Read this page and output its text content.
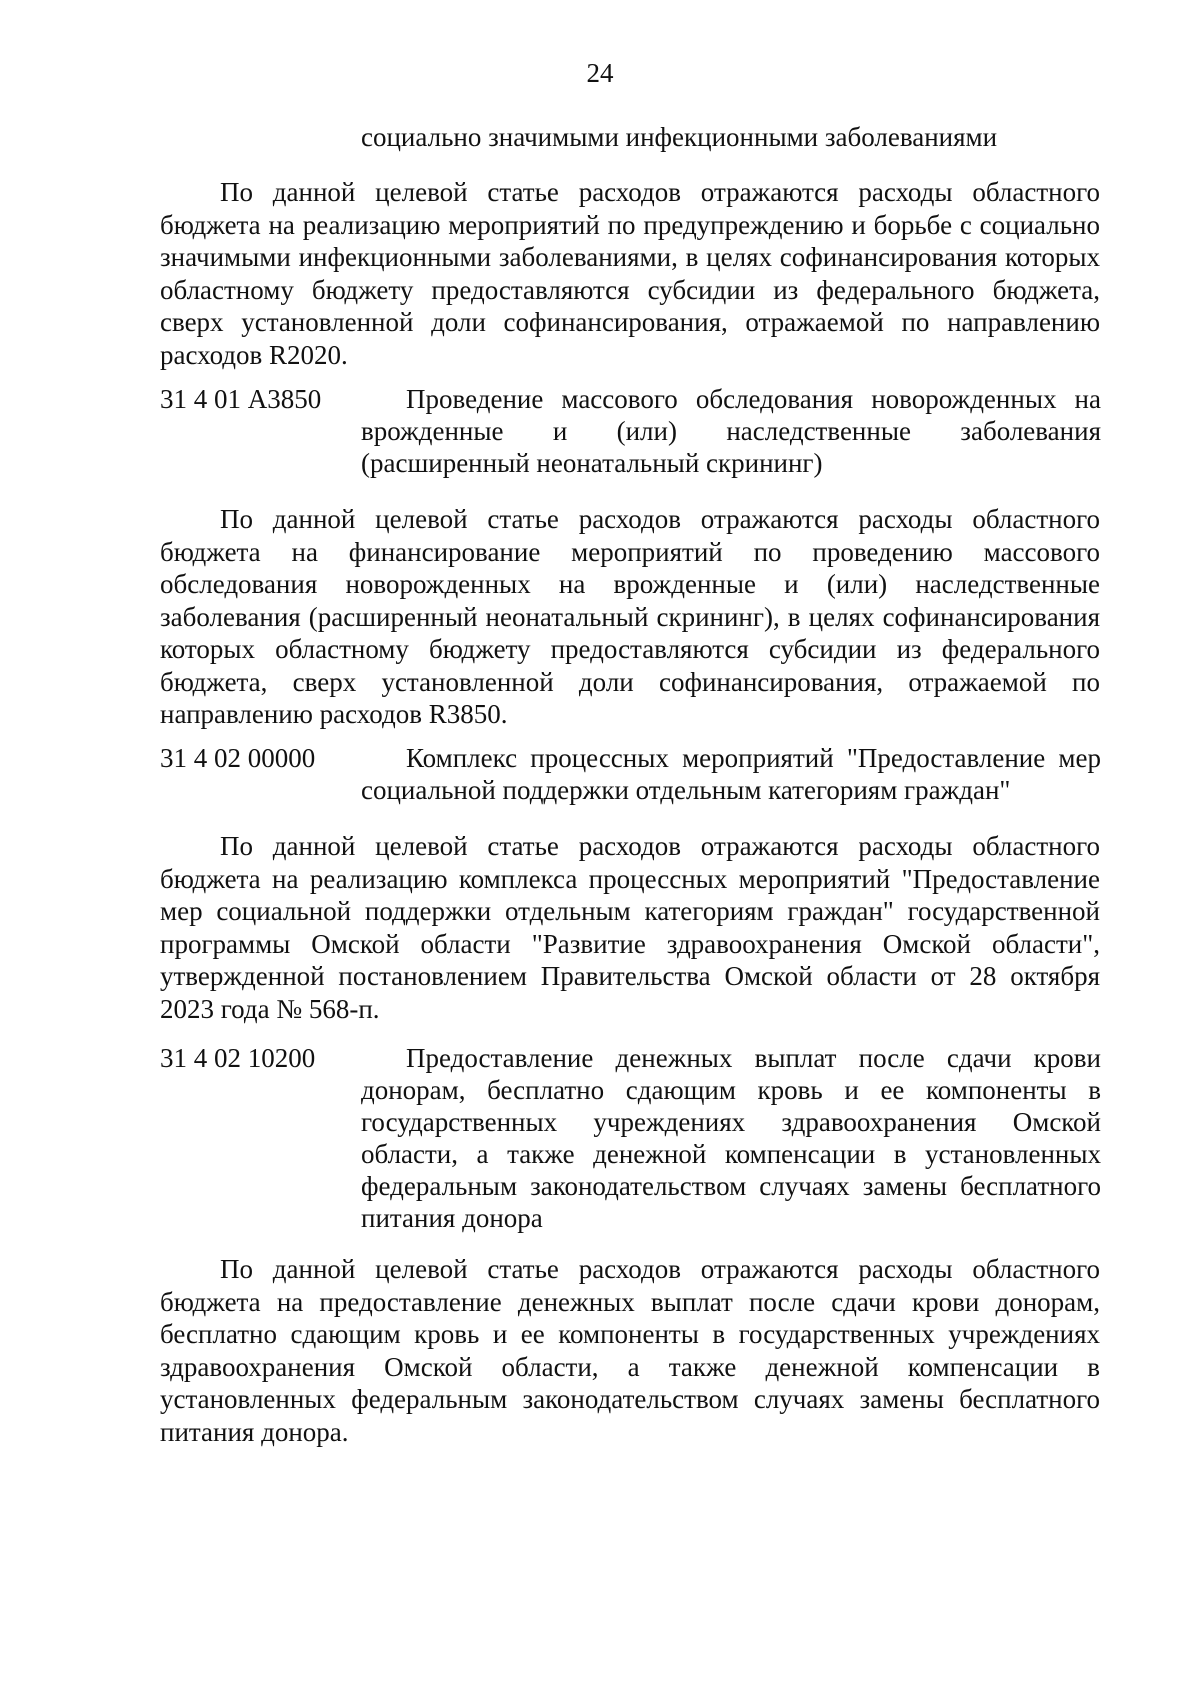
24
социально значимыми инфекционными заболеваниями

По данной целевой статье расходов отражаются расходы областного бюджета на реализацию мероприятий по предупреждению и борьбе с социально значимыми инфекционными заболеваниями, в целях софинансирования которых областному бюджету предоставляются субсидии из федерального бюджета, сверх установленной доли софинансирования, отражаемой по направлению расходов R2020.

31 4 01 А3850	Проведение массового обследования новорожденных на врожденные и (или) наследственные заболевания (расширенный неонатальный скрининг)

По данной целевой статье расходов отражаются расходы областного бюджета на финансирование мероприятий по проведению массового обследования новорожденных на врожденные и (или) наследственные заболевания (расширенный неонатальный скрининг), в целях софинансирования которых областному бюджету предоставляются субсидии из федерального бюджета, сверх установленной доли софинансирования, отражаемой по направлению расходов R3850.

31 4 02 00000	Комплекс процессных мероприятий "Предоставление мер социальной поддержки отдельным категориям граждан"

По данной целевой статье расходов отражаются расходы областного бюджета на реализацию комплекса процессных мероприятий "Предоставление мер социальной поддержки отдельным категориям граждан" государственной программы Омской области "Развитие здравоохранения Омской области", утвержденной постановлением Правительства Омской области от 28 октября 2023 года № 568-п.

31 4 02 10200	Предоставление денежных выплат после сдачи крови донорам, бесплатно сдающим кровь и ее компоненты в государственных учреждениях здравоохранения Омской области, а также денежной компенсации в установленных федеральным законодательством случаях замены бесплатного питания донора

По данной целевой статье расходов отражаются расходы областного бюджета на предоставление денежных выплат после сдачи крови донорам, бесплатно сдающим кровь и ее компоненты в государственных учреждениях здравоохранения Омской области, а также денежной компенсации в установленных федеральным законодательством случаях замены бесплатного питания донора.
